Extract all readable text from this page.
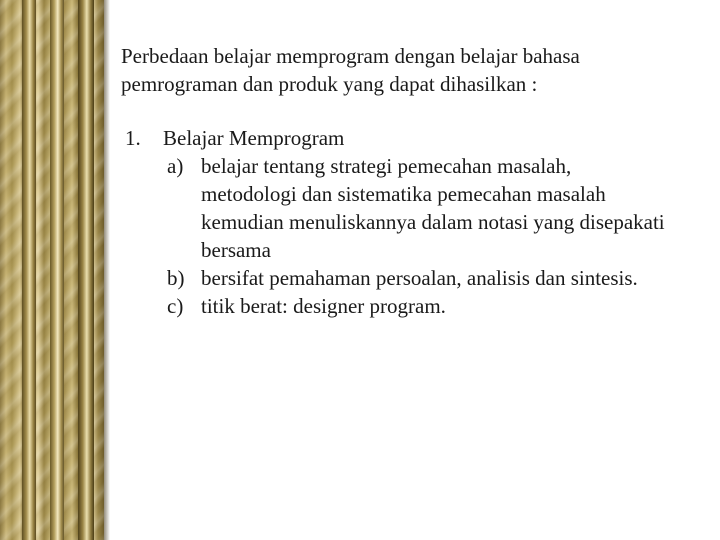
Perbedaan belajar memprogram dengan belajar bahasa pemrograman dan produk yang dapat dihasilkan :

1.	Belajar Memprogram
a) belajar tentang strategi pemecahan masalah, metodologi dan sistematika pemecahan masalah kemudian menuliskannya dalam notasi yang disepakati bersama
b) bersifat pemahaman persoalan, analisis dan sintesis.
c) titik berat: designer program.
